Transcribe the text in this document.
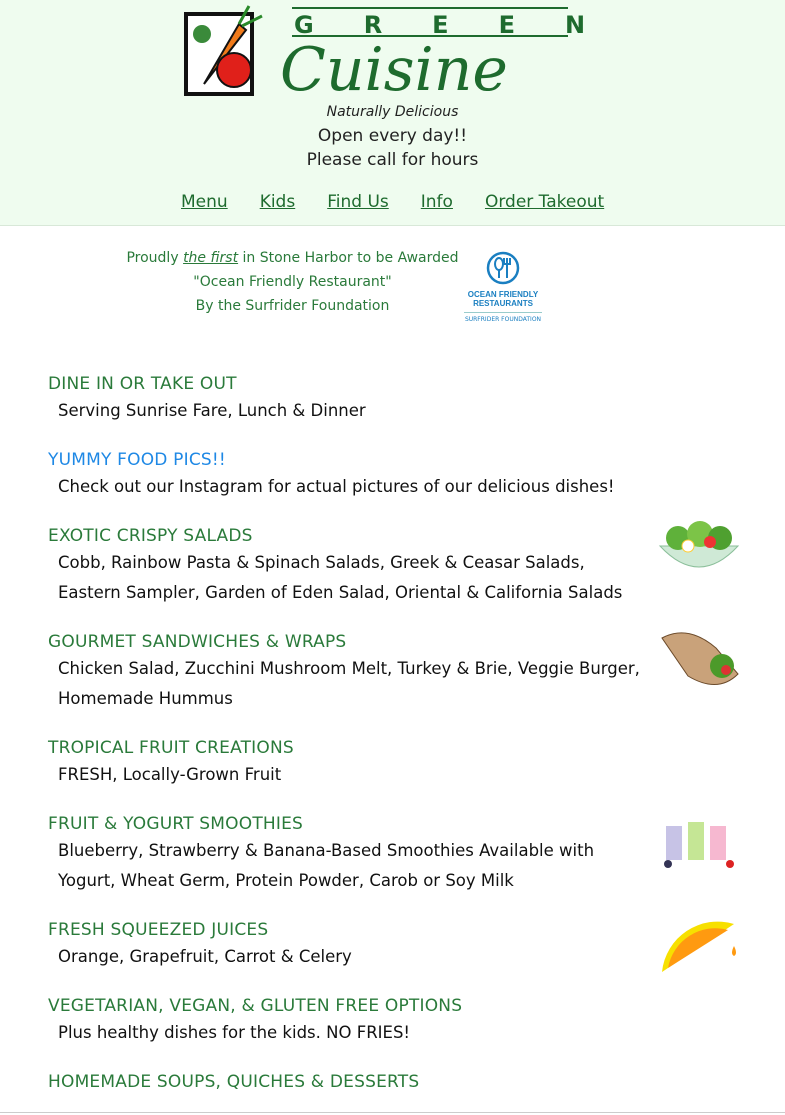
GREEN
Cuisine
Naturally Delicious
Open every day!!
Please call for hours
Menu Kids Find Us Info Order Takeout
Proudly the first in Stone Harbor to be Awarded
"Ocean Friendly Restaurant"
By the Surfrider Foundation
OCEAN FRIENDLY
RESTAURANTS
SURFRIDER FOUNDATION
DINE IN OR TAKE OUT

Serving Sunrise Fare, Lunch & Dinner

YUMMY FOOD PICS!!

Check out our Instagram for actual pictures of our delicious dishes!

EXOTIC CRISPY SALADS

Cobb, Rainbow Pasta & Spinach Salads, Greek & Ceasar Salads, Eastern Sampler, Garden of Eden Salad, Oriental & California Salads

GOURMET SANDWICHES & WRAPS

Chicken Salad, Zucchini Mushroom Melt, Turkey & Brie, Veggie Burger, Homemade Hummus

TROPICAL FRUIT CREATIONS

FRESH, Locally-Grown Fruit

FRUIT & YOGURT SMOOTHIES

Blueberry, Strawberry & Banana-Based Smoothies Available with Yogurt, Wheat Germ, Protein Powder, Carob or Soy Milk

FRESH SQUEEZED JUICES

Orange, Grapefruit, Carrot & Celery

VEGETARIAN, VEGAN, & GLUTEN FREE OPTIONS

Plus healthy dishes for the kids. NO FRIES!

HOMEMADE SOUPS, QUICHES & DESSERTS
